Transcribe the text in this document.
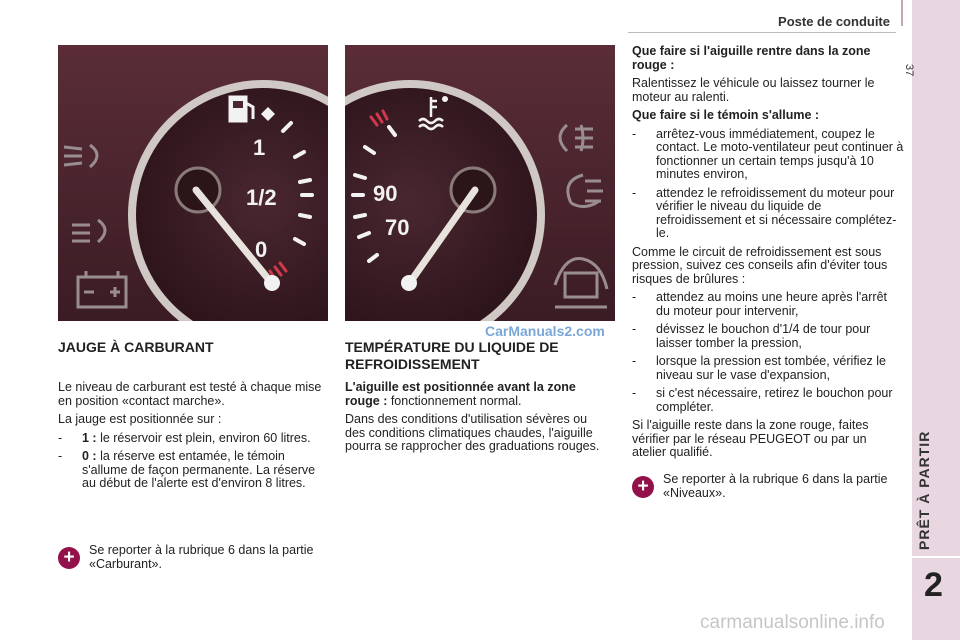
Poste de conduite
37
PRÊT À PARTIR
2
1
1/2
0
90
70
CarManuals2.com
JAUGE À CARBURANT

Le niveau de carburant est testé à chaque mise en position «contact marche».

La jauge est positionnée sur :

- 1 : le réservoir est plein, environ 60 litres.
- 0 : la réserve est entamée, le témoin s'allume de façon permanente. La réserve au début de l'alerte est d'environ 8 litres.
+	Se reporter à la rubrique 6 dans la partie «Carburant».
TEMPÉRATURE DU LIQUIDE DE
REFROIDISSEMENT

L'aiguille est positionnée avant la zone rouge : fonctionnement normal.

Dans des conditions d'utilisation sévères ou des conditions climatiques chaudes, l'aiguille pourra se rapprocher des graduations rouges.

Que faire si l'aiguille rentre dans la zone rouge :

Ralentissez le véhicule ou laissez tourner le moteur au ralenti.

Que faire si le témoin s'allume :

- arrêtez-vous immédiatement, coupez le contact. Le moto-ventilateur peut continuer à fonctionner un certain temps jusqu'à 10 minutes environ,
- attendez le refroidissement du moteur pour vérifier le niveau du liquide de refroidissement et si nécessaire complétez-le.

Comme le circuit de refroidissement est sous pression, suivez ces conseils afin d'éviter tous risques de brûlures :

- attendez au moins une heure après l'arrêt du moteur pour intervenir,
- dévissez le bouchon d'1/4 de tour pour laisser tomber la pression,
- lorsque la pression est tombée, vérifiez le niveau sur le vase d'expansion,
- si c'est nécessaire, retirez le bouchon pour compléter.

Si l'aiguille reste dans la zone rouge, faites vérifier par le réseau PEUGEOT ou par un atelier qualifié.

+	Se reporter à la rubrique 6 dans la partie «Niveaux».
carmanualsonline.info
